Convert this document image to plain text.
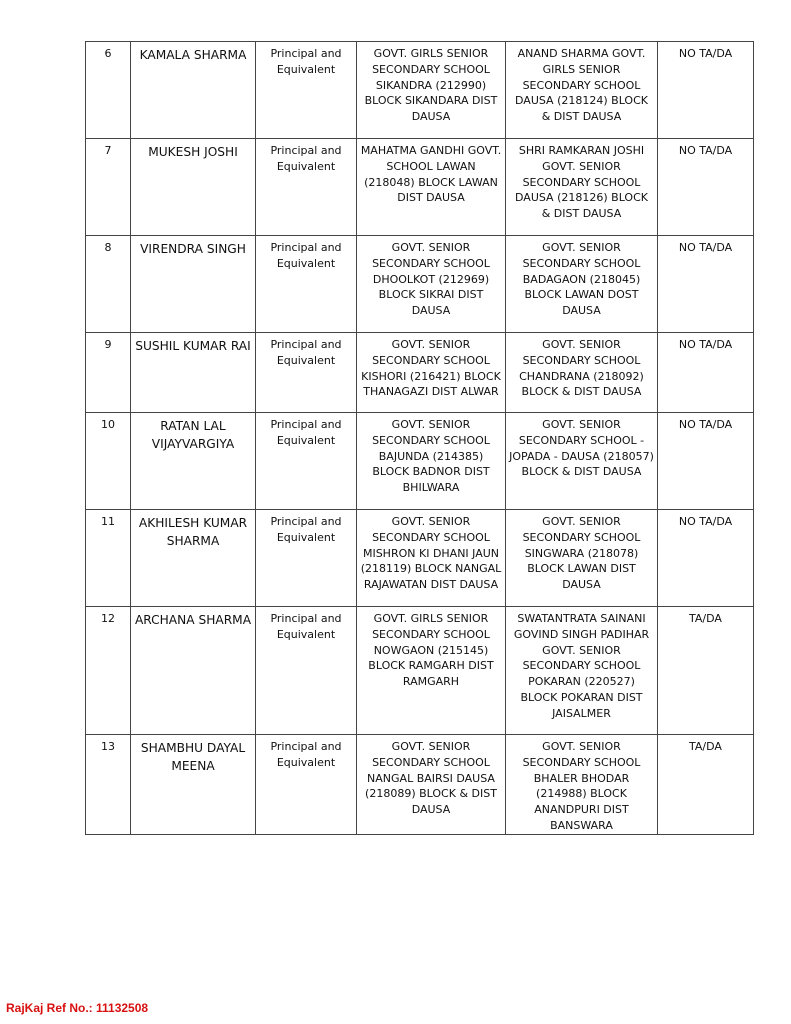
6	KAMALA SHARMA	Principal and Equivalent	GOVT. GIRLS SENIOR SECONDARY SCHOOL SIKANDRA (212990) BLOCK SIKANDARA DIST DAUSA	ANAND SHARMA GOVT. GIRLS SENIOR SECONDARY SCHOOL DAUSA (218124) BLOCK & DIST DAUSA	NO TA/DA
7	MUKESH JOSHI	Principal and Equivalent	MAHATMA GANDHI GOVT. SCHOOL LAWAN (218048) BLOCK LAWAN DIST DAUSA	SHRI RAMKARAN JOSHI GOVT. SENIOR SECONDARY SCHOOL DAUSA (218126) BLOCK & DIST DAUSA	NO TA/DA
8	VIRENDRA SINGH	Principal and Equivalent	GOVT. SENIOR SECONDARY SCHOOL DHOOLKOT (212969) BLOCK SIKRAI DIST DAUSA	GOVT. SENIOR SECONDARY SCHOOL BADAGAON (218045) BLOCK LAWAN DOST DAUSA	NO TA/DA
9	SUSHIL KUMAR RAI	Principal and Equivalent	GOVT. SENIOR SECONDARY SCHOOL KISHORI (216421) BLOCK THANAGAZI DIST ALWAR	GOVT. SENIOR SECONDARY SCHOOL CHANDRANA (218092) BLOCK & DIST DAUSA	NO TA/DA
10	RATAN LAL VIJAYVARGIYA	Principal and Equivalent	GOVT. SENIOR SECONDARY SCHOOL BAJUNDA (214385) BLOCK BADNOR DIST BHILWARA	GOVT. SENIOR SECONDARY SCHOOL - JOPADA - DAUSA (218057) BLOCK & DIST DAUSA	NO TA/DA
11	AKHILESH KUMAR SHARMA	Principal and Equivalent	GOVT. SENIOR SECONDARY SCHOOL MISHRON KI DHANI JAUN (218119) BLOCK NANGAL RAJAWATAN DIST DAUSA	GOVT. SENIOR SECONDARY SCHOOL SINGWARA (218078) BLOCK LAWAN DIST DAUSA	NO TA/DA
12	ARCHANA SHARMA	Principal and Equivalent	GOVT. GIRLS SENIOR SECONDARY SCHOOL NOWGAON (215145) BLOCK RAMGARH DIST RAMGARH	SWATANTRATA SAINANI GOVIND SINGH PADIHAR GOVT. SENIOR SECONDARY SCHOOL POKARAN (220527) BLOCK POKARAN DIST JAISALMER	TA/DA
13	SHAMBHU DAYAL MEENA	Principal and Equivalent	GOVT. SENIOR SECONDARY SCHOOL NANGAL BAIRSI DAUSA (218089) BLOCK & DIST DAUSA	GOVT. SENIOR SECONDARY SCHOOL BHALER BHODAR (214988) BLOCK ANANDPURI DIST BANSWARA	TA/DA
RajKaj Ref No.: 11132508
